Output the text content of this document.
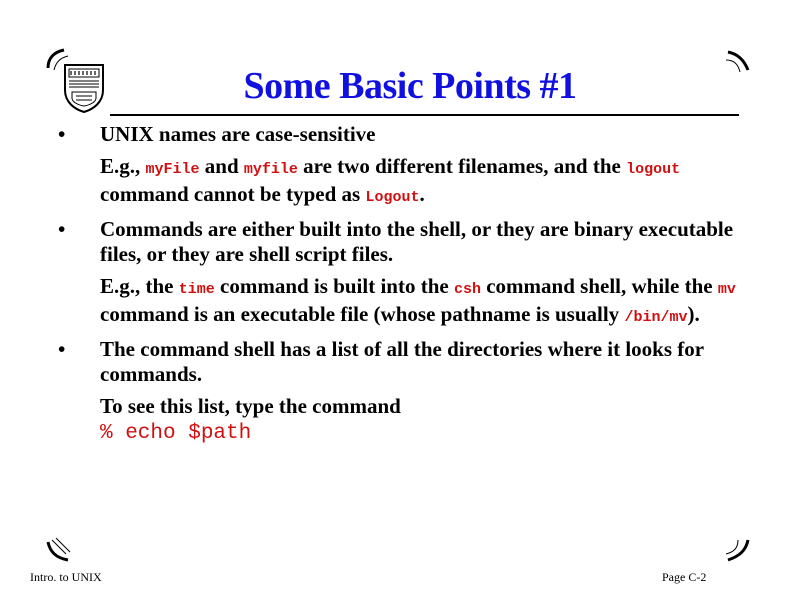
Some Basic Points #1
• UNIX names are case-sensitive

E.g., myFile and myfile are two different filenames, and the logout command cannot be typed as Logout.

• Commands are either built into the shell, or they are binary executable files, or they are shell script files.

E.g., the time command is built into the csh command shell, while the mv command is an executable file (whose pathname is usually /bin/mv).

• The command shell has a list of all the directories where it looks for commands.

To see this list, type the command

% echo $path

Intro. to UNIX	Page C-2
